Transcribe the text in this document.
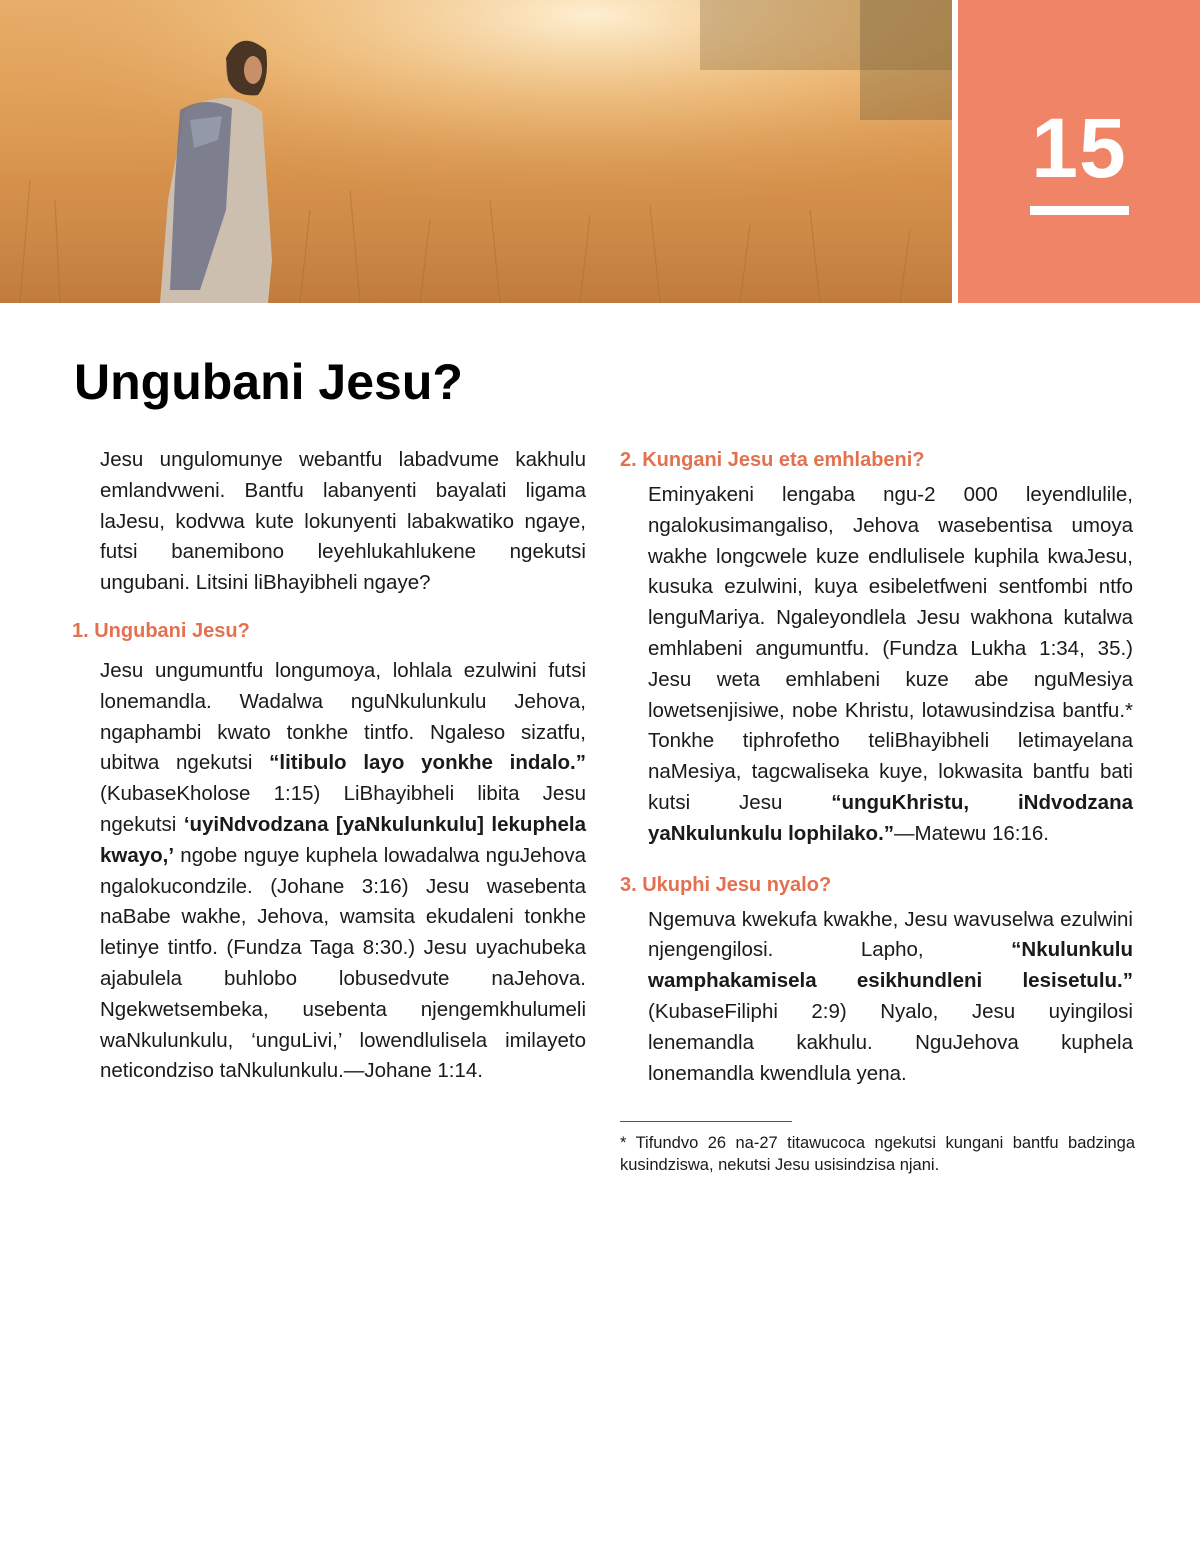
15
Ungubani Jesu?

Jesu ungulomunye webantfu labadvume kakhulu emlandvweni. Bantfu labanyenti bayalati ligama laJesu, kodvwa kute lokunyenti labakwatiko ngaye, futsi banemibono leyehlukahlukene ngekutsi ungubani. Litsini liBhayibheli ngaye?

1. Ungubani Jesu?

Jesu ungumuntfu longumoya, lohlala ezulwini futsi lonemandla. Wadalwa nguNkulunkulu Jehova, ngaphambi kwato tonkhe tintfo. Ngaleso sizatfu, ubitwa ngekutsi “litibulo layo yonkhe indalo.” (KubaseKholose 1:15) LiBhayibheli libita Jesu ngekutsi ‘uyiNdvodzana [yaNkulunkulu] lekuphela kwayo,’ ngobe nguye kuphela lowadalwa nguJehova ngalokucondzile. (Johane 3:16) Jesu wasebenta naBabe wakhe, Jehova, wamsita ekudaleni tonkhe letinye tintfo. (Fundza Taga 8:30.) Jesu uyachubeka ajabulela buhlobo lobusedvute naJehova. Ngekwetsembeka, usebenta njengemkhulumeli waNkulunkulu, ‘unguLivi,’ lowendlulisela imilayeto neticondziso taNkulunkulu.—Johane 1:14.

2. Kungani Jesu eta emhlabeni?

Eminyakeni lengaba ngu-2 000 leyendlulile, ngalokusimangaliso, Jehova wasebentisa umoya wakhe longcwele kuze endlulisele kuphila kwaJesu, kusuka ezulwini, kuya esibeletfweni sentfombi ntfo lenguMariya. Ngaleyondlela Jesu wakhona kutalwa emhlabeni angumuntfu. (Fundza Lukha 1:34, 35.) Jesu weta emhlabeni kuze abe nguMesiya lowetsenjisiwe, nobe Khristu, lotawusindzisa bantfu.* Tonkhe tiphrofetho teliBhayibheli letimayelana naMesiya, tagcwaliseka kuye, lokwasita bantfu bati kutsi Jesu “unguKhristu, iNdvodzana yaNkulunkulu lophilako.”—Matewu 16:16.

3. Ukuphi Jesu nyalo?

Ngemuva kwekufa kwakhe, Jesu wavuselwa ezulwini njengengilosi. Lapho, “Nkulunkulu wamphakamisela esikhundleni lesisetulu.” (KubaseFiliphi 2:9) Nyalo, Jesu uyingilosi lenemandla kakhulu. NguJehova kuphela lonemandla kwendlula yena.

* Tifundvo 26 na-27 titawucoca ngekutsi kungani bantfu badzinga kusindziswa, nekutsi Jesu usisindzisa njani.
